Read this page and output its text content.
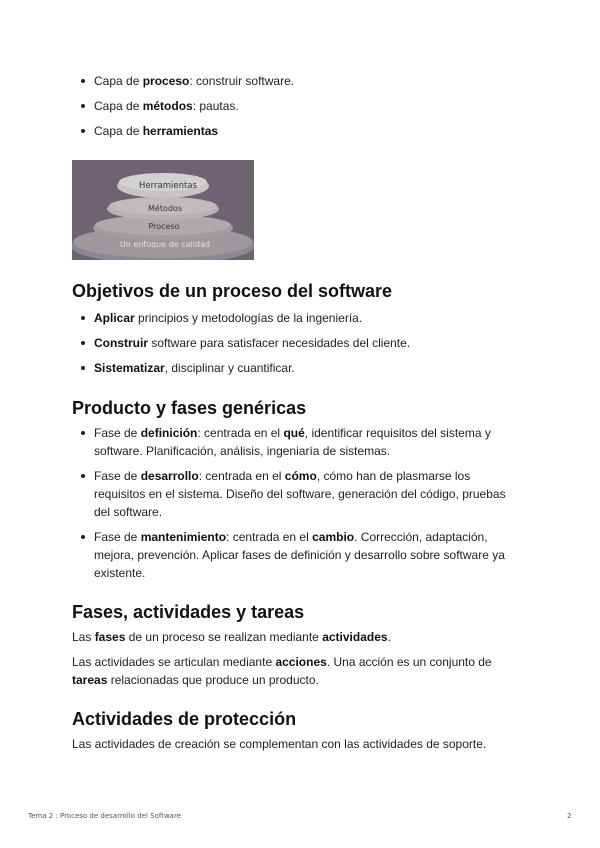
Capa de proceso: construir software.
Capa de métodos: pautas.
Capa de herramientas
Herramientas
Métodos
Proceso
Un enfoque de calidad
Objetivos de un proceso del software
Aplicar principios y metodologías de la ingeniería.
Construir software para satisfacer necesidades del cliente.
Sistematizar, disciplinar y cuantificar.
Producto y fases genéricas
Fase de definición: centrada en el qué, identificar requisitos del sistema y software. Planificación, análisis, ingeniaría de sistemas.
Fase de desarrollo: centrada en el cómo, cómo han de plasmarse los requisitos en el sistema. Diseño del software, generación del código, pruebas del software.
Fase de mantenimiento: centrada en el cambio. Corrección, adaptación, mejora, prevención. Aplicar fases de definición y desarrollo sobre software ya existente.
Fases, actividades y tareas

Las fases de un proceso se realizan mediante actividades.

Las actividades se articulan mediante acciones. Una acción es un conjunto de tareas relacionadas que produce un producto.

Actividades de protección

Las actividades de creación se complementan con las actividades de soporte.

Tema 2 : Proceso de desarrollo del Software	2
